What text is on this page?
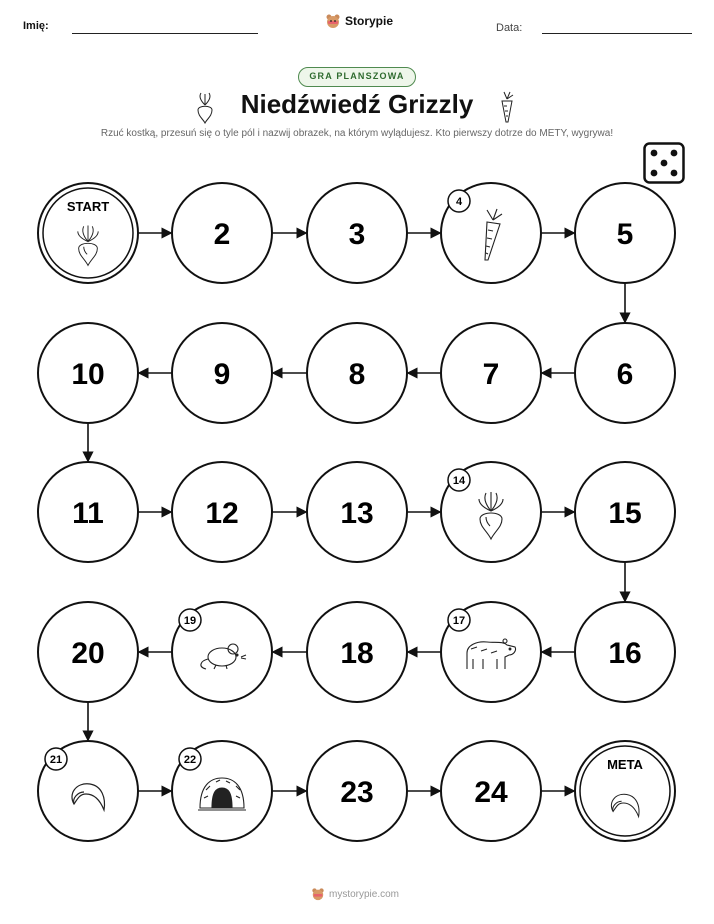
Imię:	Storypie	Data:
GRA PLANSZOWA
Niedźwiedź Grizzly
Rzuć kostką, przesuń się o tyle pól i nazwij obrazek, na którym wylądujesz. Kto pierwszy dotrze do METY, wygrywa!
START
2	3
4
5
6
7
8
9
10
11	12	13
14
15
16
17
18
19
20
21	22
23	24
META
mystorypie.com
